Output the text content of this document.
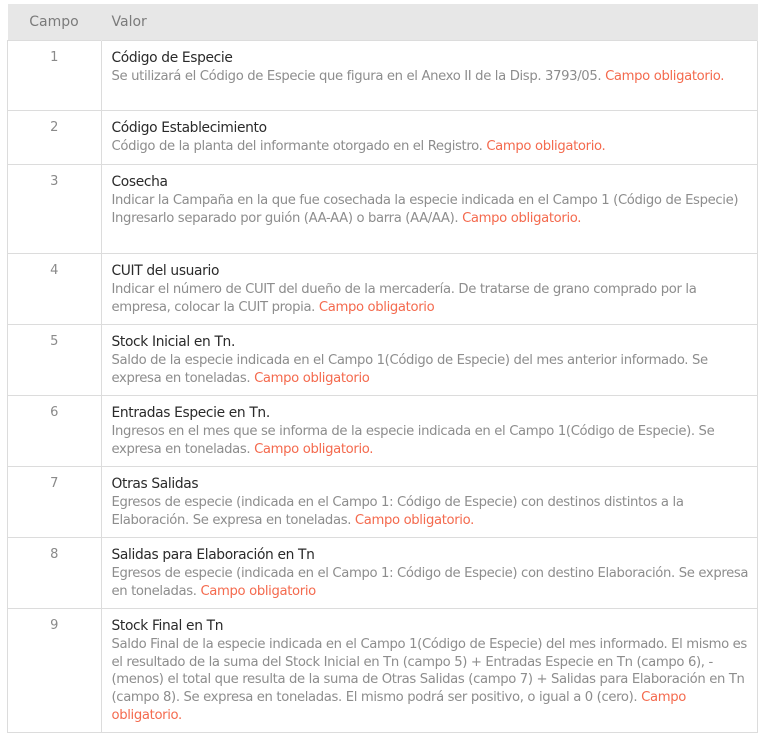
Campo	Valor
1	Código de Especie
Se utilizará el Código de Especie que figura en el Anexo II de la Disp. 3793/05. Campo obligatorio.
2	Código Establecimiento
Código de la planta del informante otorgado en el Registro. Campo obligatorio.
3	Cosecha
Indicar la Campaña en la que fue cosechada la especie indicada en el Campo 1 (Código de Especie) Ingresarlo separado por guión (AA-AA) o barra (AA/AA). Campo obligatorio.
4	CUIT del usuario
Indicar el número de CUIT del dueño de la mercadería. De tratarse de grano comprado por la empresa, colocar la CUIT propia. Campo obligatorio
5	Stock Inicial en Tn.
Saldo de la especie indicada en el Campo 1(Código de Especie) del mes anterior informado. Se expresa en toneladas. Campo obligatorio
6	Entradas Especie en Tn.
Ingresos en el mes que se informa de la especie indicada en el Campo 1(Código de Especie). Se expresa en toneladas. Campo obligatorio.
7	Otras Salidas
Egresos de especie (indicada en el Campo 1: Código de Especie) con destinos distintos a la Elaboración. Se expresa en toneladas. Campo obligatorio.
8	Salidas para Elaboración en Tn
Egresos de especie (indicada en el Campo 1: Código de Especie) con destino Elaboración. Se expresa en toneladas. Campo obligatorio
9	Stock Final en Tn
Saldo Final de la especie indicada en el Campo 1(Código de Especie) del mes informado. El mismo es el resultado de la suma del Stock Inicial en Tn (campo 5) + Entradas Especie en Tn (campo 6), - (menos) el total que resulta de la suma de Otras Salidas (campo 7) + Salidas para Elaboración en Tn (campo 8). Se expresa en toneladas. El mismo podrá ser positivo, o igual a 0 (cero). Campo obligatorio.
